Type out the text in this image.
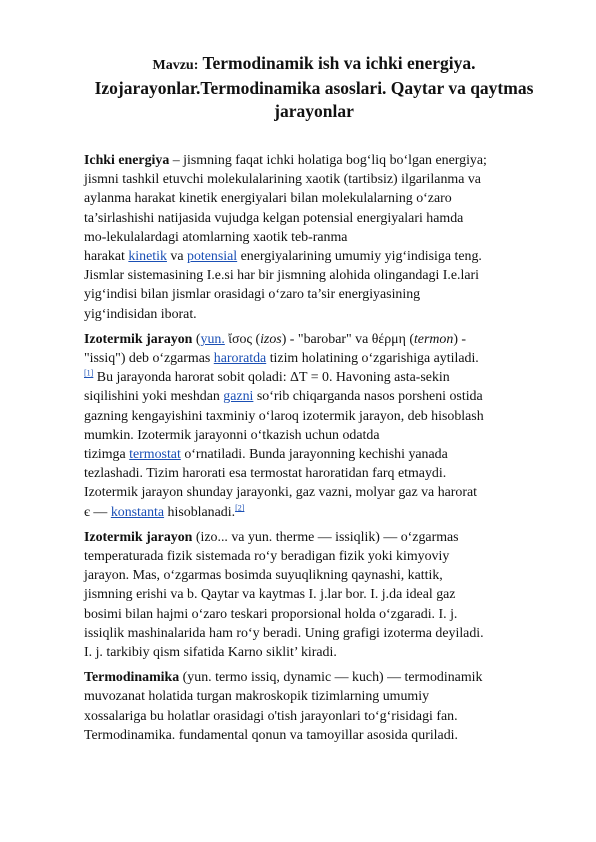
Mavzu: Termodinamik ish va ichki energiya.
Izojarayonlar.Termodinamika asoslari. Qaytar va qaytmas
jarayonlar

Ichki energiya – jismning faqat ichki holatiga bog‘liq bo‘lgan energiya;
jismni tashkil etuvchi molekulalarining xaotik (tartibsiz) ilgarilanma va
aylanma harakat kinetik energiyalari bilan molekulalarning o‘zaro
ta’sirlashishi natijasida vujudga kelgan potensial energiyalari hamda
mo-lekulalardagi atomlarning xaotik teb-ranma
harakat kinetik va potensial energiyalarining umumiy yig‘indisiga teng.
Jismlar sistemasining I.e.si har bir jismning alohida olingandagi I.e.lari
yig‘indisi bilan jismlar orasidagi o‘zaro ta’sir energiyasining
yig‘indisidan iborat.

Izotermik jarayon (yun. ἴσος (izos) - "barobar" va θέρμη (termon) -
"issiq") deb o‘zgarmas haroratda tizim holatining o‘zgarishiga aytiladi.
[1] Bu jarayonda harorat sobit qoladi: ΔT = 0. Havoning asta-sekin
siqilishini yoki meshdan gazni so‘rib chiqarganda nasos porsheni ostida
gazning kengayishini taxminiy o‘laroq izotermik jarayon, deb hisoblash
mumkin. Izotermik jarayonni o‘tkazish uchun odatda
tizimga termostat o‘rnatiladi. Bunda jarayonning kechishi yanada
tezlashadi. Tizim harorati esa termostat haroratidan farq etmaydi.
Izotermik jarayon shunday jarayonki, gaz vazni, molyar gaz va harorat
є — konstanta hisoblanadi.[2]

Izotermik jarayon (izo... va yun. therme — issiqlik) — o‘zgarmas
temperaturada fizik sistemada ro‘y beradigan fizik yoki kimyoviy
jarayon. Mas, o‘zgarmas bosimda suyuqlikning qaynashi, kattik,
jismning erishi va b. Qaytar va kaytmas I. j.lar bor. I. j.da ideal gaz
bosimi bilan hajmi o‘zaro teskari proporsional holda o‘zgaradi. I. j.
issiqlik mashinalarida ham ro‘y beradi. Uning grafigi izoterma deyiladi.
I. j. tarkibiy qism sifatida Karno siklit’ kiradi.

Termodinamika (yun. termo issiq, dynamic — kuch) — termodinamik
muvozanat holatida turgan makroskopik tizimlarning umumiy
xossalariga bu holatlar orasidagi o'tish jarayonlari to‘g‘risidagi fan.
Termodinamika. fundamental qonun va tamoyillar asosida quriladi.
